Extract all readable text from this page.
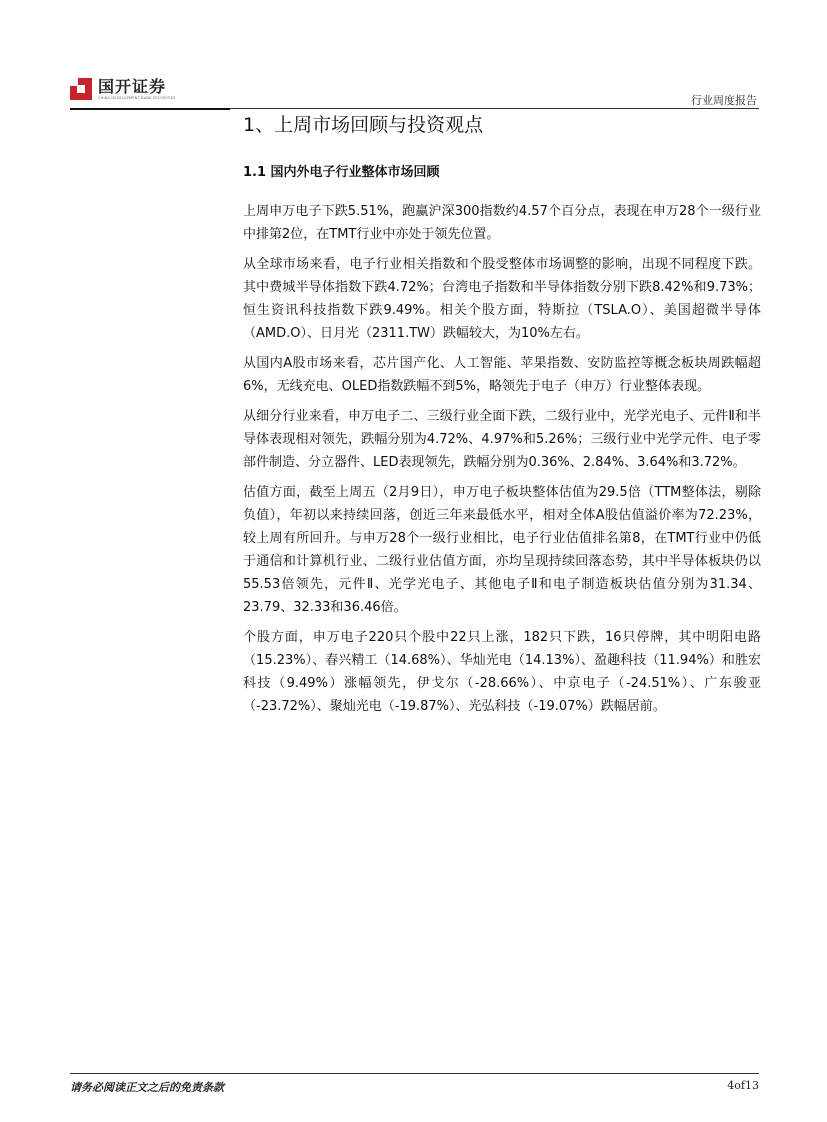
国开证券
CHINA DEVELOPMENT BANK SECURITIES	行业周度报告
1、上周市场回顾与投资观点
1.1 国内外电子行业整体市场回顾

上周申万电子下跌5.51%，跑赢沪深300指数约4.57个百分点，表现在申万28个一级行业中排第2位，在TMT行业中亦处于领先位置。

从全球市场来看，电子行业相关指数和个股受整体市场调整的影响，出现不同程度下跌。其中费城半导体指数下跌4.72%；台湾电子指数和半导体指数分别下跌8.42%和9.73%；恒生资讯科技指数下跌9.49%。相关个股方面，特斯拉（TSLA.O）、美国超微半导体（AMD.O）、日月光（2311.TW）跌幅较大，为10%左右。

从国内A股市场来看，芯片国产化、人工智能、苹果指数、安防监控等概念板块周跌幅超6%，无线充电、OLED指数跌幅不到5%，略领先于电子（申万）行业整体表现。

从细分行业来看，申万电子二、三级行业全面下跌，二级行业中，光学光电子、元件Ⅱ和半导体表现相对领先，跌幅分别为4.72%、4.97%和5.26%；三级行业中光学元件、电子零部件制造、分立器件、LED表现领先，跌幅分别为0.36%、2.84%、3.64%和3.72%。

估值方面，截至上周五（2月9日），申万电子板块整体估值为29.5倍（TTM整体法，剔除负值），年初以来持续回落，创近三年来最低水平，相对全体A股估值溢价率为72.23%，较上周有所回升。与申万28个一级行业相比，电子行业估值排名第8，在TMT行业中仍低于通信和计算机行业、二级行业估值方面，亦均呈现持续回落态势，其中半导体板块仍以55.53倍领先，元件Ⅱ、光学光电子、其他电子Ⅱ和电子制造板块估值分别为31.34、23.79、32.33和36.46倍。

个股方面，申万电子220只个股中22只上涨，182只下跌，16只停牌，其中明阳电路（15.23%）、春兴精工（14.68%）、华灿光电（14.13%）、盈趣科技（11.94%）和胜宏科技（9.49%）涨幅领先，伊戈尔（-28.66%）、中京电子（-24.51%）、广东骏亚（-23.72%）、聚灿光电（-19.87%）、光弘科技（-19.07%）跌幅居前。

请务必阅读正文之后的免责条款	4of13
